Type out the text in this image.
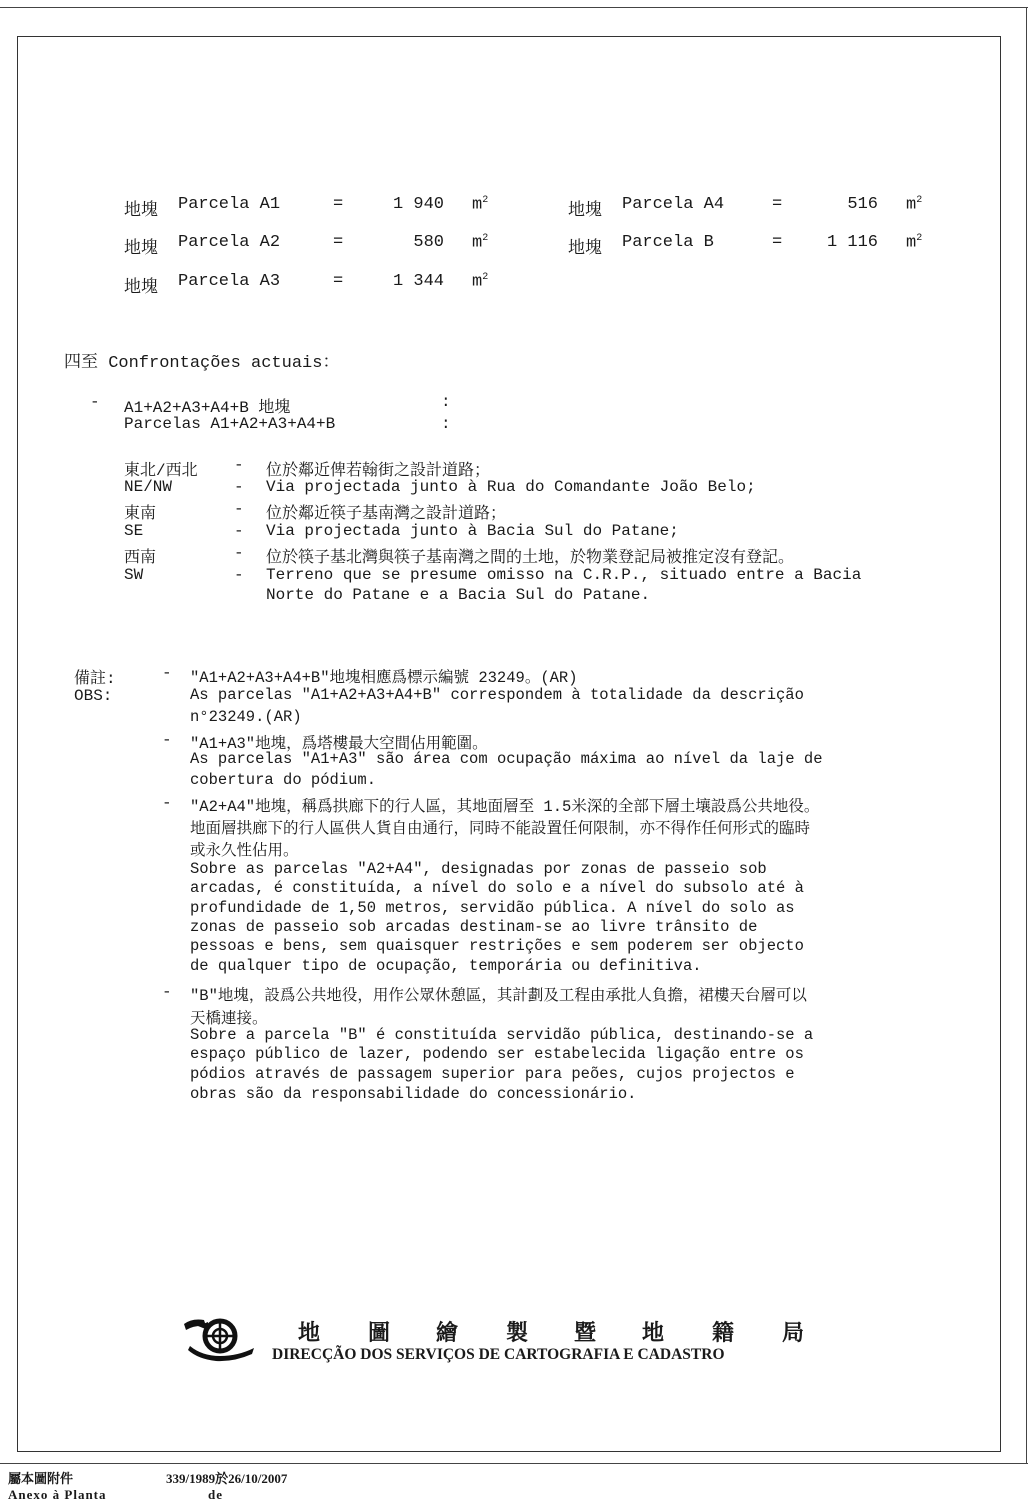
地塊 Parcela A1	=	1 940 $m^2$
地塊 Parcela A2	=	580 $m^2$
地塊 Parcela A3	=	1 344 $m^2$
地塊 Parcela A4	=	516 $m^2$
地塊 Parcela B	=	1 116 $m^2$
四至 Confrontações actuais：
- A1+A2+A3+A4+B 地塊	:
Parcelas A1+A2+A3+A4+B	:
東北/西北 - 位於鄰近俾若翰街之設計道路；
NE/NW	- Via projectada junto à Rua do Comandante João Belo;
東南	- 位於鄰近筷子基南灣之設計道路；
SE	- Via projectada junto à Bacia Sul do Patane;
西南	- 位於筷子基北灣與筷子基南灣之間的土地，於物業登記局被推定沒有登記。
SW	- Terreno que se presume omisso na C.R.P., situado entre a Bacia
Norte do Patane e a Bacia Sul do Patane.
備註:
OBS:
-
-
-
-
"A1+A2+A3+A4+B"地塊相應爲標示編號 23249。(AR)
As parcelas "A1+A2+A3+A4+B" correspondem à totalidade da descrição
n°23249.(AR)
"A1+A3"地塊，爲塔樓最大空間佔用範圍。
As parcelas "A1+A3" são área com ocupação máxima ao nível da laje de
cobertura do pódium.
"A2+A4"地塊，稱爲拱廊下的行人區，其地面層至 1.5米深的全部下層土壤設爲公共地役。
地面層拱廊下的行人區供人貨自由通行，同時不能設置任何限制，亦不得作任何形式的臨時
或永久性佔用。
Sobre as parcelas "A2+A4", designadas por zonas de passeio sob
arcadas, é constituída, a nível do solo e a nível do subsolo até à
profundidade de 1,50 metros, servidão pública. A nível do solo as
zonas de passeio sob arcadas destinam-se ao livre trânsito de
pessoas e bens, sem quaisquer restrições e sem poderem ser objecto
de qualquer tipo de ocupação, temporária ou definitiva.
"B"地塊，設爲公共地役，用作公眾休憩區，其計劃及工程由承批人負擔，裙樓天台層可以
天橋連接。
Sobre a parcela "B" é constituída servidão pública, destinando-se a
espaço público de lazer, podendo ser estabelecida ligação entre os
pódios através de passagem superior para peões, cujos projectos e
obras são da responsabilidade do concessionário.
地 圖 繪 製 暨 地 籍 局
DIRECÇÃO DOS SERVIÇOS DE CARTOGRAFIA E CADASTRO
屬本圖附件	339/1989於26/10/2007
Anexo à Planta	de
